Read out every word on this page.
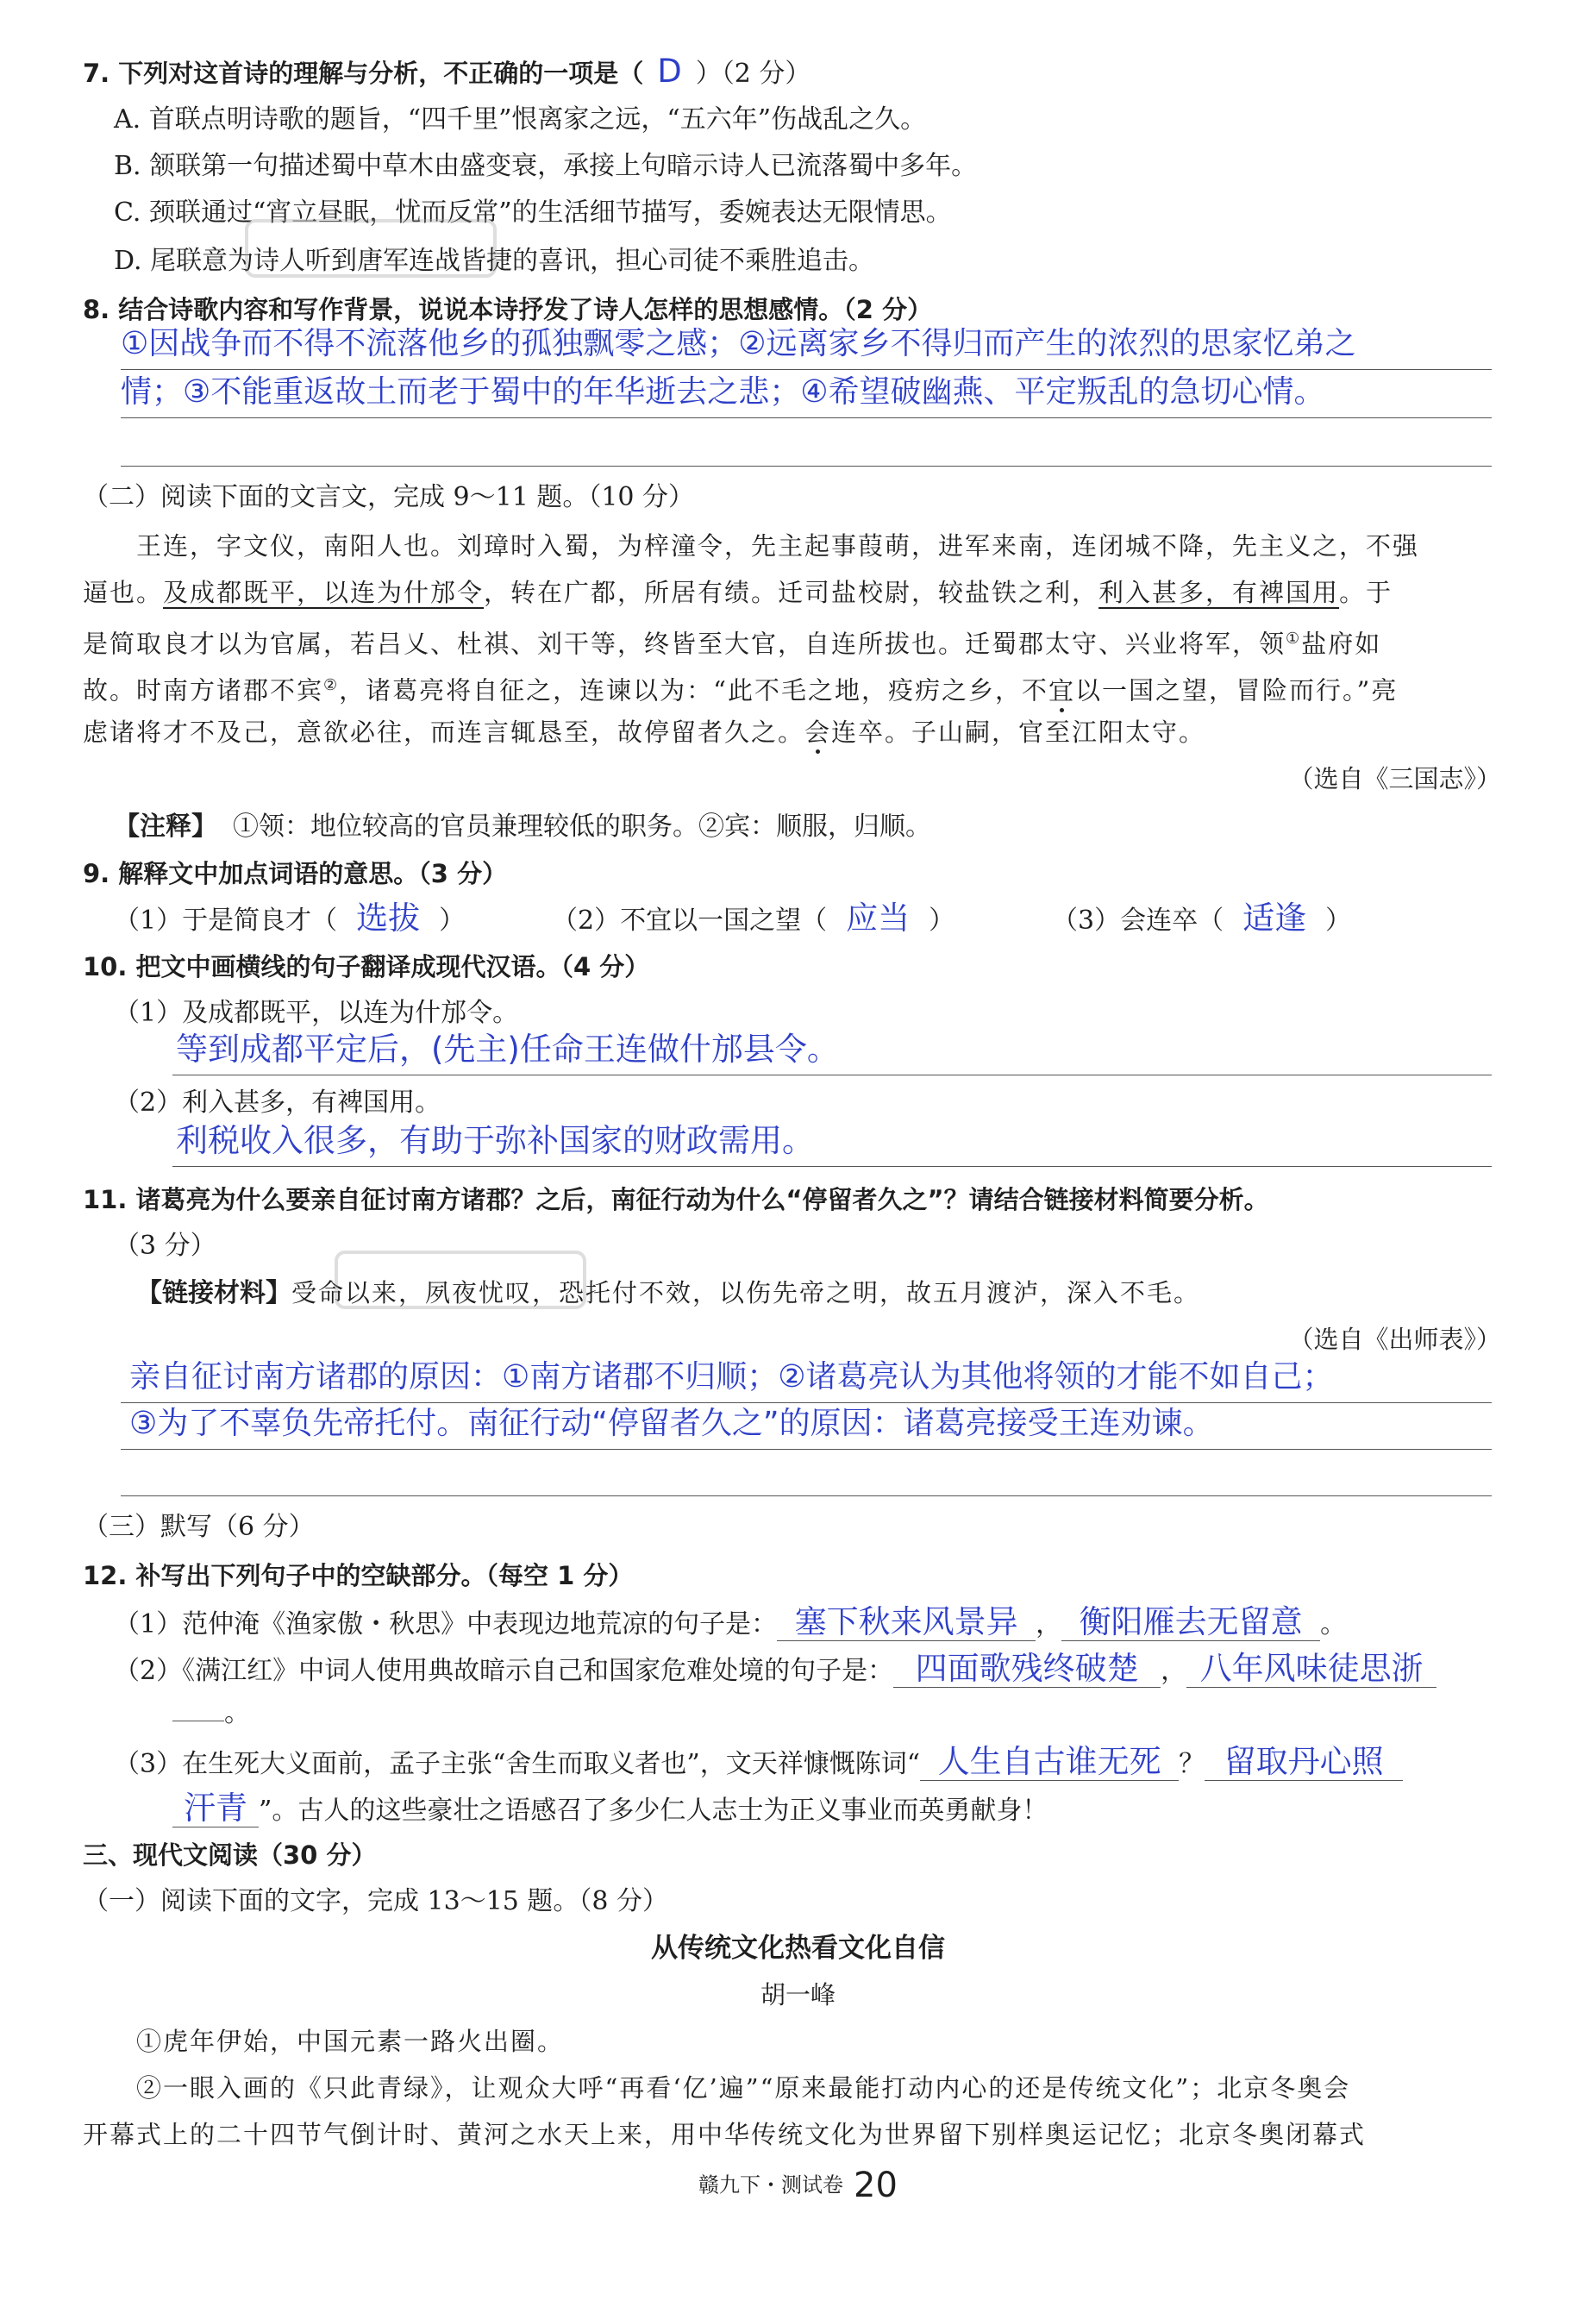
7. 下列对这首诗的理解与分析，不正确的一项是（ D ）（2 分）
A. 首联点明诗歌的题旨，“四千里”恨离家之远，“五六年”伤战乱之久。
B. 颔联第一句描述蜀中草木由盛变衰，承接上句暗示诗人已流落蜀中多年。
C. 颈联通过“宵立昼眠，忧而反常”的生活细节描写，委婉表达无限情思。
D. 尾联意为诗人听到唐军连战皆捷的喜讯，担心司徒不乘胜追击。
8. 结合诗歌内容和写作背景，说说本诗抒发了诗人怎样的思想感情。（2 分）
①因战争而不得不流落他乡的孤独飘零之感；②远离家乡不得归而产生的浓烈的思家忆弟之
情；③不能重返故土而老于蜀中的年华逝去之悲；④希望破幽燕、平定叛乱的急切心情。
（二）阅读下面的文言文，完成 9～11 题。（10 分）
王连，字文仪，南阳人也。刘璋时入蜀，为梓潼令，先主起事葭萌，进军来南，连闭城不降，先主义之，不强
逼也。及成都既平，以连为什邡令，转在广都，所居有绩。迁司盐校尉，较盐铁之利，利入甚多，有裨国用。于
是简取良才以为官属，若吕乂、杜祺、刘干等，终皆至大官，自连所拔也。迁蜀郡太守、兴业将军，领①盐府如
故。时南方诸郡不宾②，诸葛亮将自征之，连谏以为：“此不毛之地，疫疠之乡，不宜以一国之望，冒险而行。”亮
虑诸将才不及己，意欲必往，而连言辄恳至，故停留者久之。会连卒。子山嗣，官至江阳太守。
（选自《三国志》）
【注释】 ①领：地位较高的官员兼理较低的职务。②宾：顺服，归顺。
9. 解释文中加点词语的意思。（3 分）
（1）于是简良才（ 选拔 ）	（2）不宜以一国之望（ 应当 ）	（3）会连卒（ 适逢 ）
10. 把文中画横线的句子翻译成现代汉语。（4 分）
（1）及成都既平，以连为什邡令。
等到成都平定后，(先主)任命王连做什邡县令。
（2）利入甚多，有裨国用。
利税收入很多，有助于弥补国家的财政需用。
11. 诸葛亮为什么要亲自征讨南方诸郡？之后，南征行动为什么“停留者久之”？请结合链接材料简要分析。
（3 分）
【链接材料】受命以来，夙夜忧叹，恐托付不效，以伤先帝之明，故五月渡泸，深入不毛。
（选自《出师表》）
亲自征讨南方诸郡的原因：①南方诸郡不归顺；②诸葛亮认为其他将领的才能不如自己；
③为了不辜负先帝托付。南征行动“停留者久之”的原因：诸葛亮接受王连劝谏。
（三）默写（6 分）
12. 补写出下列句子中的空缺部分。（每空 1 分）
（1）范仲淹《渔家傲・秋思》中表现边地荒凉的句子是： 塞下秋来风景异 ， 衡阳雁去无留意 。
（2）《满江红》中词人使用典故暗示自己和国家危难处境的句子是： 四面歌残终破楚 ， 八年风味徒思浙
。
（3）在生死大义面前，孟子主张“舍生而取义者也”，文天祥慷慨陈词“ 人生自古谁无死 ？ 留取丹心照
汗青 ”。古人的这些豪壮之语感召了多少仁人志士为正义事业而英勇献身！
三、现代文阅读（30 分）
（一）阅读下面的文字，完成 13～15 题。（8 分）
从传统文化热看文化自信
胡一峰
①虎年伊始，中国元素一路火出圈。
②一眼入画的《只此青绿》，让观众大呼“再看‘亿’遍”“原来最能打动内心的还是传统文化”；北京冬奥会
开幕式上的二十四节气倒计时、黄河之水天上来，用中华传统文化为世界留下别样奥运记忆；北京冬奥闭幕式
赣九下・测试卷 20
